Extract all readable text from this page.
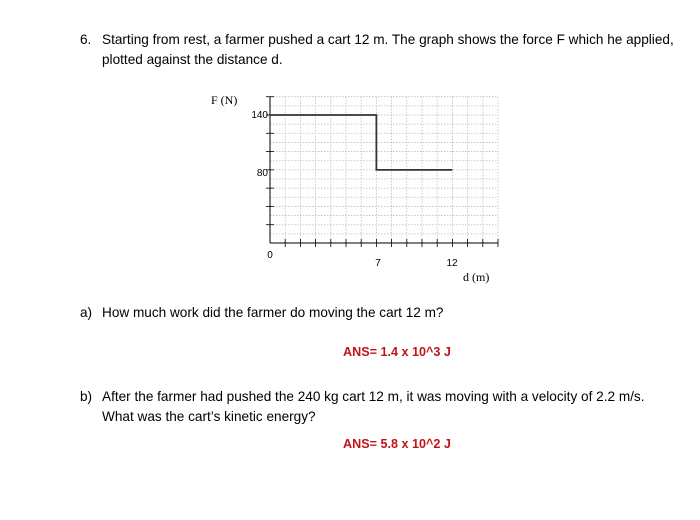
6. Starting from rest, a farmer pushed a cart 12 m. The graph shows the force F which he applied,
plotted against the distance d.
F (N)
140
80
0
7	12
d (m)
a) How much work did the farmer do moving the cart 12 m?
ANS= 1.4 x 10^3 J
b) After the farmer had pushed the 240 kg cart 12 m, it was moving with a velocity of 2.2 m/s.
What was the cart’s kinetic energy?
ANS= 5.8 x 10^2 J
